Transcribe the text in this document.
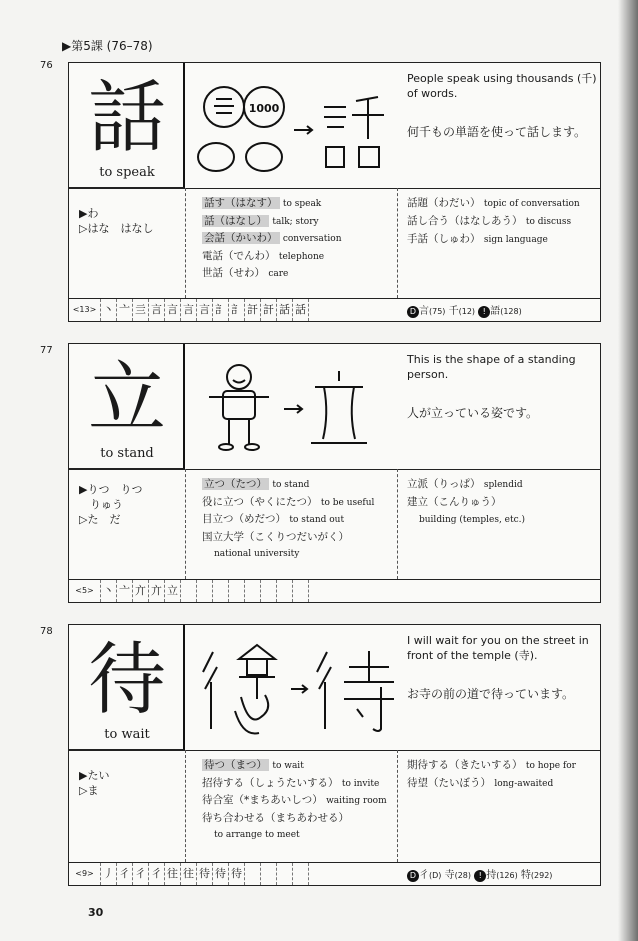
▶第5課 (76–78)
76
話
to speak
1000
People speak using thousands (千) of words.
何千もの単語を使って話します。
▶わ
▷はな　はなし
話す（はなす） to speak
話（はなし） talk; story
会話（かいわ） conversation
電話（でんわ） telephone
世話（せわ） care
話題（わだい） topic of conversation
話し合う（はなしあう） to discuss
手話（しゅわ） sign language
<13> 丶 亠 亖 言 言 言 言 訁 訁 訐 訐 話 話	D 言(75) 千(12) ! 語(128)
77
立
to stand
This is the shape of a standing person.
人が立っている姿です。
▶りつ　りつ
　りゅう
▷た　だ
立つ（たつ） to stand
役に立つ（やくにたつ） to be useful
目立つ（めだつ） to stand out
国立大学（こくりつだいがく）
national university
立派（りっぱ） splendid
建立（こんりゅう）
building (temples, etc.)
<5> 丶 亠 亣 亣 立
78
待
to wait
I will wait for you on the street in front of the temple (寺).
お寺の前の道で待っています。
▶たい
▷ま
待つ（まつ） to wait
招待する（しょうたいする） to invite
待合室（*まちあいしつ） waiting room
待ち合わせる（まちあわせる）
to arrange to meet
期待する（きたいする） to hope for
待望（たいぼう） long-awaited
<9> 丿 彳 彳 彳 往 往 待 待 待	D 彳(D) 寺(28) ! 持(126) 特(292)
30
